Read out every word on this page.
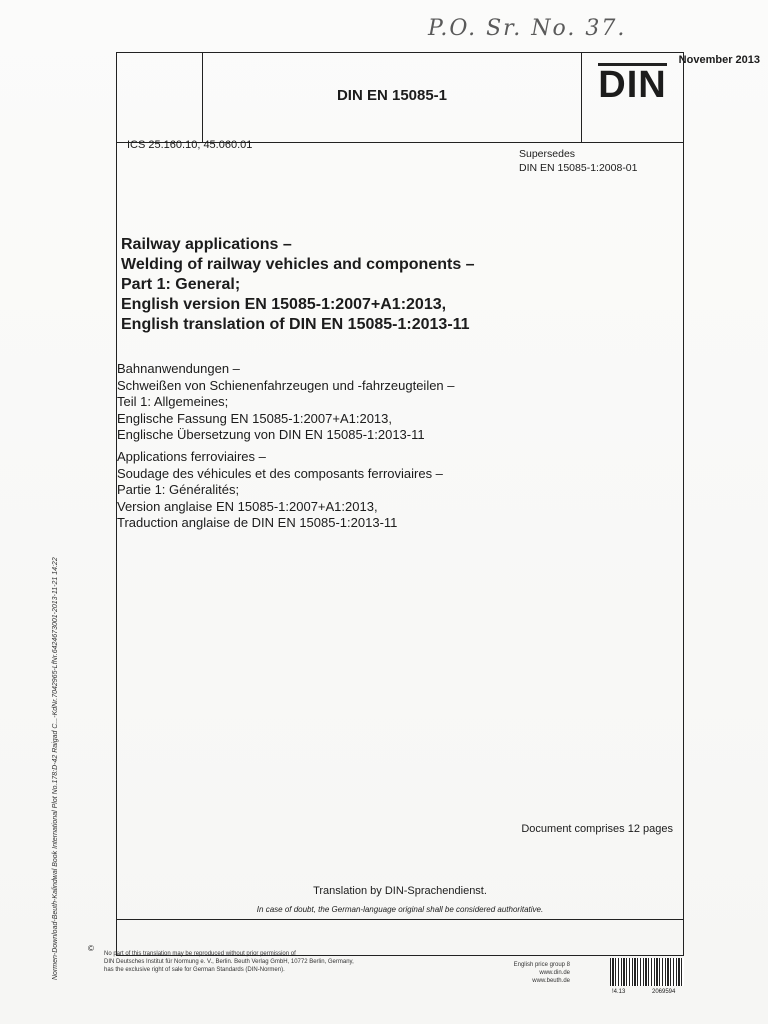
P.O. Sr. No. 37.
November 2013
DIN EN 15085-1	DIN
ICS 25.160.10; 45.060.01
Supersedes
DIN EN 15085-1:2008-01
Railway applications –
Welding of railway vehicles and components –
Part 1: General;
English version EN 15085-1:2007+A1:2013,
English translation of DIN EN 15085-1:2013-11
Bahnanwendungen –
Schweißen von Schienenfahrzeugen und -fahrzeugteilen –
Teil 1: Allgemeines;
Englische Fassung EN 15085-1:2007+A1:2013,
Englische Übersetzung von DIN EN 15085-1:2013-11
Applications ferroviaires –
Soudage des véhicules et des composants ferroviaires –
Partie 1: Généralités;
Version anglaise EN 15085-1:2007+A1:2013,
Traduction anglaise de DIN EN 15085-1:2013-11
Document comprises 12 pages
Translation by DIN-Sprachendienst.
In case of doubt, the German-language original shall be considered authoritative.
Normen-Download-Beuth-Kalindwal Book International Plot No.178:D-42 Raigad C...-KdNr.7042965-LfNr.6424673001-2013-11-21 14:22	©
No part of this translation may be reproduced without prior permission of
DIN Deutsches Institut für Normung e. V., Berlin. Beuth Verlag GmbH, 10772 Berlin, Germany,
has the exclusive right of sale for German Standards (DIN-Normen).
English price group 8
www.din.de
www.beuth.de
!4.13	2069594
